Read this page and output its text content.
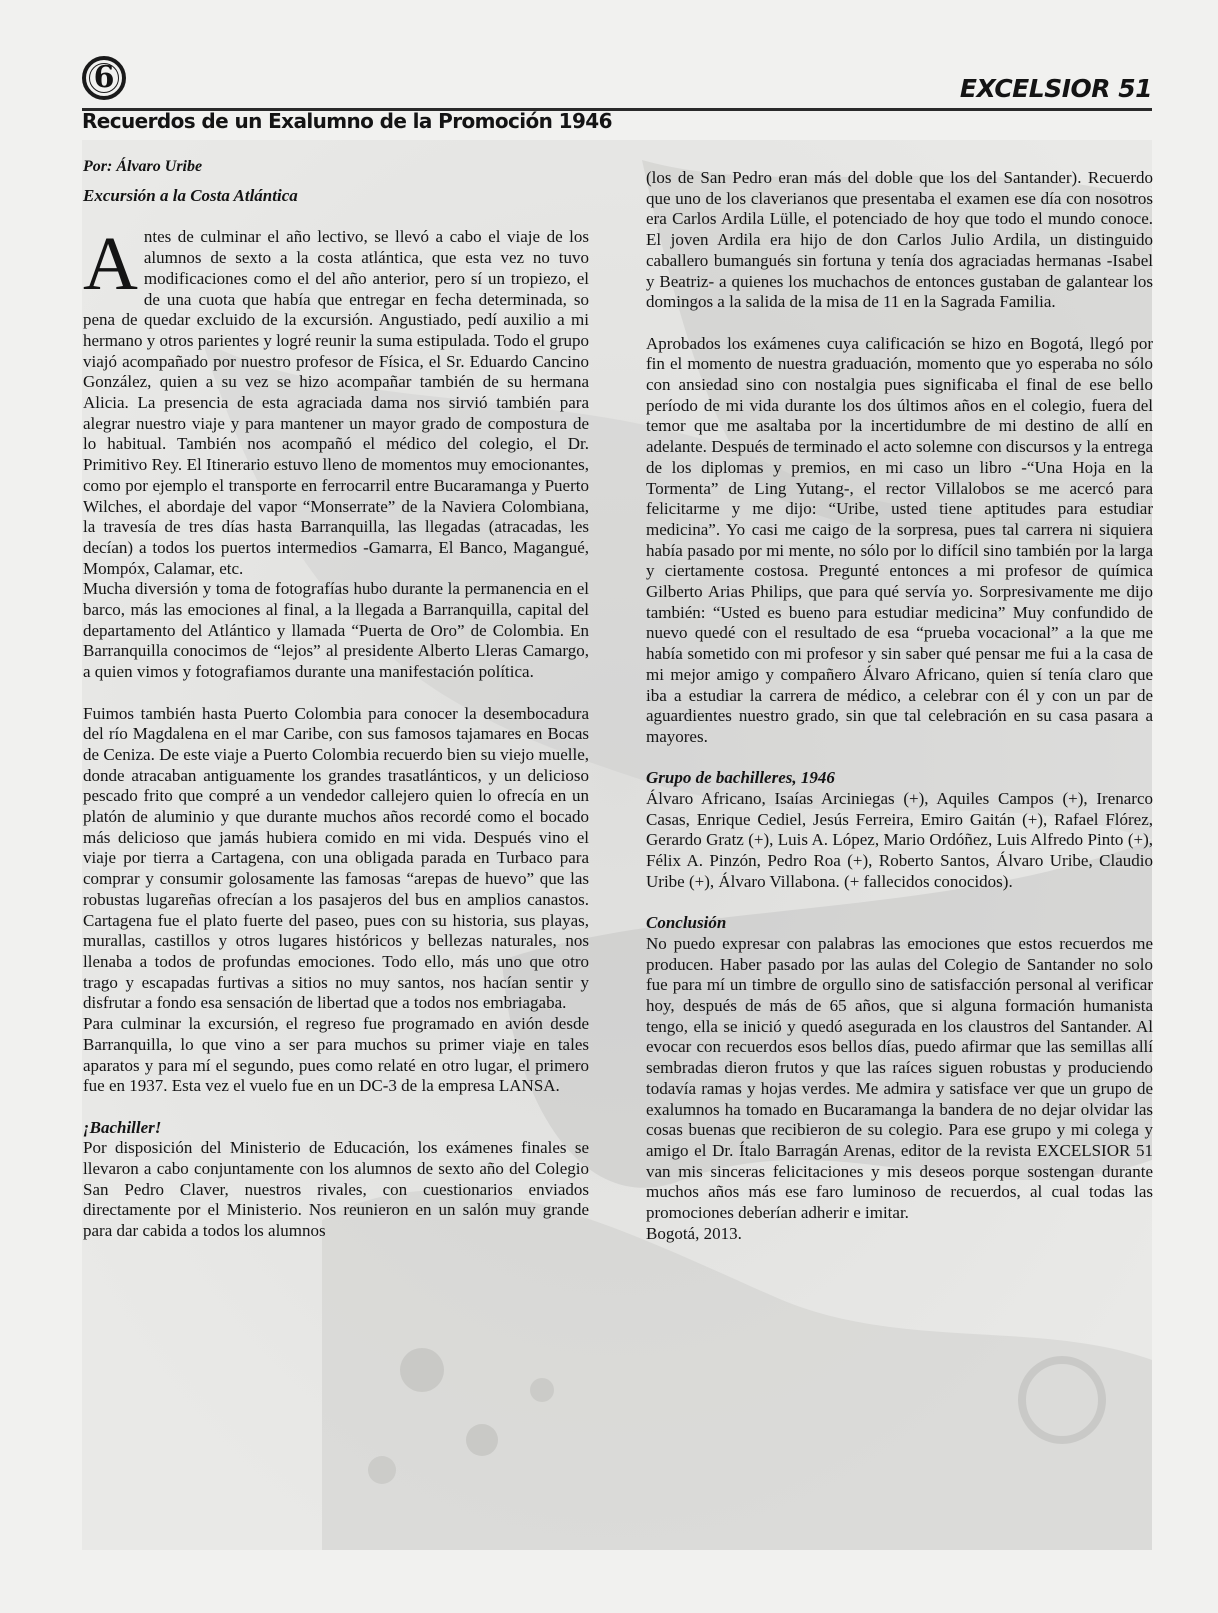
6	EXCELSIOR 51
Recuerdos de un Exalumno de la Promoción 1946
Por: Álvaro Uribe
Excursión a la Costa Atlántica

Antes de culminar el año lectivo, se llevó a cabo el viaje de los alumnos de sexto a la costa atlántica, que esta vez no tuvo modificaciones como el del año anterior, pero sí un tropiezo, el de una cuota que había que entregar en fecha determinada, so pena de quedar excluido de la excursión. Angustiado, pedí auxilio a mi hermano y otros parientes y logré reunir la suma estipulada. Todo el grupo viajó acompañado por nuestro profesor de Física, el Sr. Eduardo Cancino González, quien a su vez se hizo acompañar también de su hermana Alicia. La presencia de esta agraciada dama nos sirvió también para alegrar nuestro viaje y para mantener un mayor grado de compostura de lo habitual. También nos acompañó el médico del colegio, el Dr. Primitivo Rey. El Itinerario estuvo lleno de momentos muy emocionantes, como por ejemplo el transporte en ferrocarril entre Bucaramanga y Puerto Wilches, el abordaje del vapor “Monserrate” de la Naviera Colombiana, la travesía de tres días hasta Barranquilla, las llegadas (atracadas, les decían) a todos los puertos intermedios -Gamarra, El Banco, Magangué, Mompóx, Calamar, etc.

Mucha diversión y toma de fotografías hubo durante la permanencia en el barco, más las emociones al final, a la llegada a Barranquilla, capital del departamento del Atlántico y llamada “Puerta de Oro” de Colombia. En Barranquilla conocimos de “lejos” al presidente Alberto Lleras Camargo, a quien vimos y fotografiamos durante una manifestación política.

Fuimos también hasta Puerto Colombia para conocer la desembocadura del río Magdalena en el mar Caribe, con sus famosos tajamares en Bocas de Ceniza. De este viaje a Puerto Colombia recuerdo bien su viejo muelle, donde atracaban antiguamente los grandes trasatlánticos, y un delicioso pescado frito que compré a un vendedor callejero quien lo ofrecía en un platón de aluminio y que durante muchos años recordé como el bocado más delicioso que jamás hubiera comido en mi vida. Después vino el viaje por tierra a Cartagena, con una obligada parada en Turbaco para comprar y consumir golosamente las famosas “arepas de huevo” que las robustas lugareñas ofrecían a los pasajeros del bus en amplios canastos. Cartagena fue el plato fuerte del paseo, pues con su historia, sus playas, murallas, castillos y otros lugares históricos y bellezas naturales, nos llenaba a todos de profundas emociones. Todo ello, más uno que otro trago y escapadas furtivas a sitios no muy santos, nos hacían sentir y disfrutar a fondo esa sensación de libertad que a todos nos embriagaba.

Para culminar la excursión, el regreso fue programado en avión desde Barranquilla, lo que vino a ser para muchos su primer viaje en tales aparatos y para mí el segundo, pues como relaté en otro lugar, el primero fue en 1937. Esta vez el vuelo fue en un DC-3 de la empresa LANSA.

¡Bachiller!

Por disposición del Ministerio de Educación, los exámenes finales se llevaron a cabo conjuntamente con los alumnos de sexto año del Colegio San Pedro Claver, nuestros rivales, con cuestionarios enviados directamente por el Ministerio. Nos reunieron en un salón muy grande para dar cabida a todos los alumnos

(los de San Pedro eran más del doble que los del Santander). Recuerdo que uno de los claverianos que presentaba el examen ese día con nosotros era Carlos Ardila Lülle, el potenciado de hoy que todo el mundo conoce. El joven Ardila era hijo de don Carlos Julio Ardila, un distinguido caballero bumangués sin fortuna y tenía dos agraciadas hermanas -Isabel y Beatriz- a quienes los muchachos de entonces gustaban de galantear los domingos a la salida de la misa de 11 en la Sagrada Familia.

Aprobados los exámenes cuya calificación se hizo en Bogotá, llegó por fin el momento de nuestra graduación, momento que yo esperaba no sólo con ansiedad sino con nostalgia pues significaba el final de ese bello período de mi vida durante los dos últimos años en el colegio, fuera del temor que me asaltaba por la incertidumbre de mi destino de allí en adelante. Después de terminado el acto solemne con discursos y la entrega de los diplomas y premios, en mi caso un libro -“Una Hoja en la Tormenta” de Ling Yutang-, el rector Villalobos se me acercó para felicitarme y me dijo: “Uribe, usted tiene aptitudes para estudiar medicina”. Yo casi me caigo de la sorpresa, pues tal carrera ni siquiera había pasado por mi mente, no sólo por lo difícil sino también por la larga y ciertamente costosa. Pregunté entonces a mi profesor de química Gilberto Arias Philips, que para qué servía yo. Sorpresivamente me dijo también: “Usted es bueno para estudiar medicina” Muy confundido de nuevo quedé con el resultado de esa “prueba vocacional” a la que me había sometido con mi profesor y sin saber qué pensar me fui a la casa de mi mejor amigo y compañero Álvaro Africano, quien sí tenía claro que iba a estudiar la carrera de médico, a celebrar con él y con un par de aguardientes nuestro grado, sin que tal celebración en su casa pasara a mayores.

Grupo de bachilleres, 1946

Álvaro Africano, Isaías Arciniegas (+), Aquiles Campos (+), Irenarco Casas, Enrique Cediel, Jesús Ferreira, Emiro Gaitán (+), Rafael Flórez, Gerardo Gratz (+), Luis A. López, Mario Ordóñez, Luis Alfredo Pinto (+), Félix A. Pinzón, Pedro Roa (+), Roberto Santos, Álvaro Uribe, Claudio Uribe (+), Álvaro Villabona. (+ fallecidos conocidos).

Conclusión

No puedo expresar con palabras las emociones que estos recuerdos me producen. Haber pasado por las aulas del Colegio de Santander no solo fue para mí un timbre de orgullo sino de satisfacción personal al verificar hoy, después de más de 65 años, que si alguna formación humanista tengo, ella se inició y quedó asegurada en los claustros del Santander. Al evocar con recuerdos esos bellos días, puedo afirmar que las semillas allí sembradas dieron frutos y que las raíces siguen robustas y produciendo todavía ramas y hojas verdes. Me admira y satisface ver que un grupo de exalumnos ha tomado en Bucaramanga la bandera de no dejar olvidar las cosas buenas que recibieron de su colegio. Para ese grupo y mi colega y amigo el Dr. Ítalo Barragán Arenas, editor de la revista EXCELSIOR 51 van mis sinceras felicitaciones y mis deseos porque sostengan durante muchos años más ese faro luminoso de recuerdos, al cual todas las promociones deberían adherir e imitar.

Bogotá, 2013.
